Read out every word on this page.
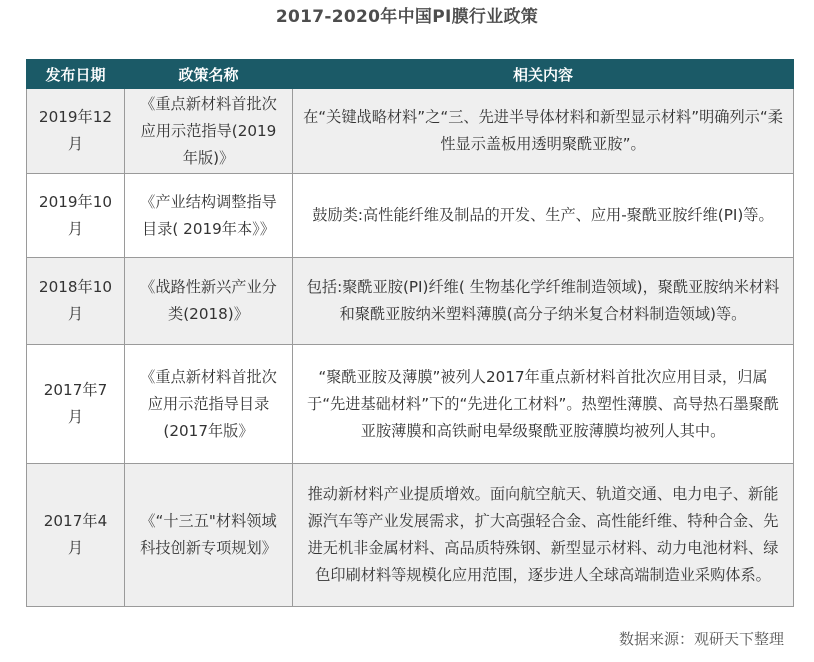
2017-2020年中国PI膜行业政策
发布日期	政策名称	相关内容
2019年12月	《重点新材料首批次应用示范指导(2019年版)》	在“关键战略材料”之“三、先进半导体材料和新型显示材料”明确列示“柔性显示盖板用透明聚酰亚胺”。
2019年10月	《产业结构调整指导目录( 2019年本》》	鼓励类:高性能纤维及制品的开发、生产、应用-聚酰亚胺纤维(PI)等。
2018年10月	《战路性新兴产业分类(2018)》	包括:聚酰亚胺(PI)纤维( 生物基化学纤维制造领域)，聚酰亚胺纳米材料和聚酰亚胺纳米塑料薄膜(高分子纳米复合材料制造领域)等。
2017年7月	《重点新材料首批次应用示范指导目录(2017年版》	“聚酰亚胺及薄膜”被列人2017年重点新材料首批次应用目录，归属于“先进基础材料”下的“先进化工材料”。热塑性薄膜、高导热石墨聚酰亚胺薄膜和高铁耐电晕级聚酰亚胺薄膜均被列人其中。
2017年4月	《“十三五"材料领域科技创新专项规划》	推动新材料产业提质增效。面向航空航天、轨道交通、电力电子、新能源汽车等产业发展需求，扩大高强轻合金、高性能纤维、特种合金、先进无机非金属材料、高品质特殊钢、新型显示材料、动力电池材料、绿色印刷材料等规模化应用范围，逐步进人全球高端制造业采购体系。
数据来源：观研天下整理
